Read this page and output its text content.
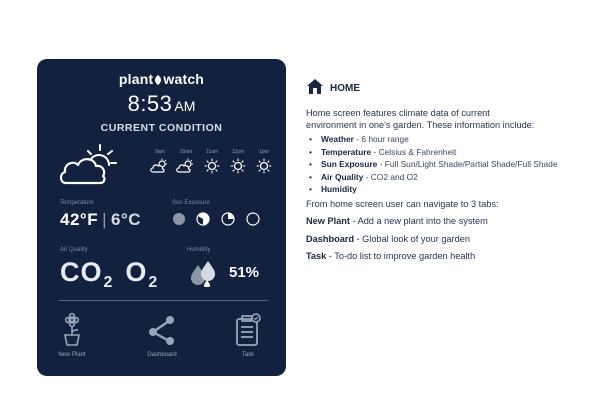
plant watch
8:53 AM
CURRENT CONDITION
9am	10am	11am	12pm	1pm
Temperature
42°F | 6°C
Sun Exposure
Air Quality
$CO_2$ $O_2$
Humidity
51%
New Plant	Dashboard	Task
HOME
Home screen features climate data of current
environment in one's garden. These information include:
• Weather - 6 hour range
• Temperature - Celsius & Fahrenheit
• Sun Exposure - Full Sun/Light Shade/Partial Shade/Full Shade
• Air Quality - CO2 and O2
• Humidity
From home screen user can navigate to 3 tabs:
New Plant - Add a new plant into the system
Dashboard - Global look of your garden
Task - To-do list to improve garden health
